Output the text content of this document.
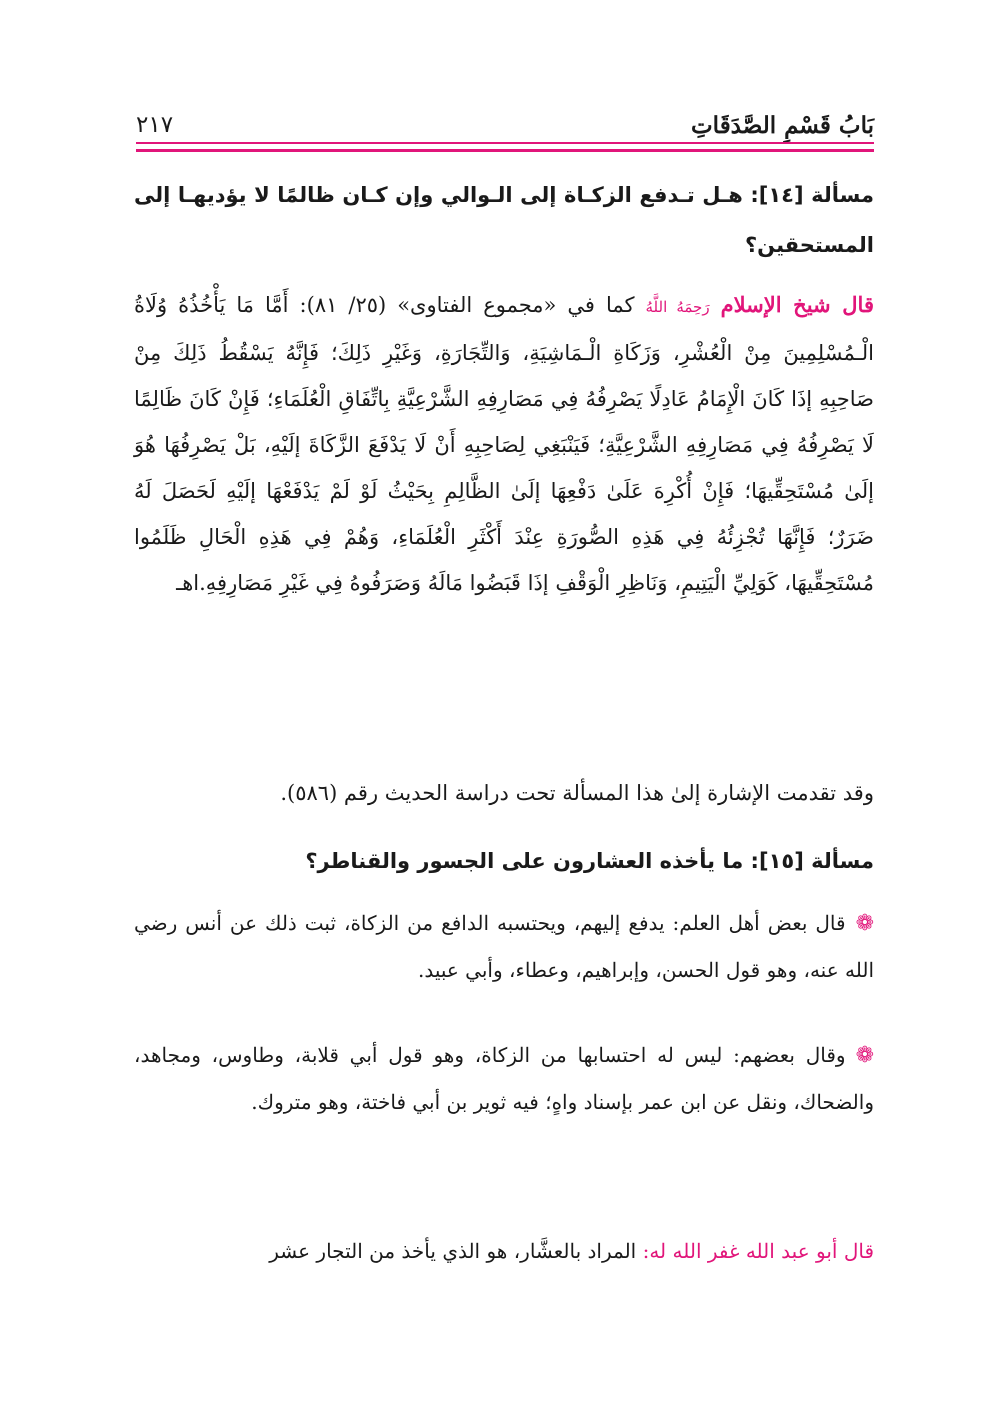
بَابُ قَسْمِ الصَّدَقَاتِ
٢١٧
مسألة [١٤]: هـل تـدفع الزكـاة إلى الـوالي وإن كـان ظالمًا لا يؤديهـا إلى المستحقين؟
قال شيخ الإسلام رَحِمَهُ اللَّهُ كما في «مجموع الفتاوى» (٢٥/ ٨١): أَمَّا مَا يَأْخُذُهُ وُلَاةُ الْـمُسْلِمِينَ مِنْ الْعُشْرِ، وَزَكَاةِ الْـمَاشِيَةِ، وَالتِّجَارَةِ، وَغَيْرِ ذَلِكَ؛ فَإِنَّهُ يَسْقُطُ ذَلِكَ مِنْ صَاحِبِهِ إذَا كَانَ الْإِمَامُ عَادِلًا يَصْرِفُهُ فِي مَصَارِفِهِ الشَّرْعِيَّةِ بِاتِّفَاقِ الْعُلَمَاءِ؛ فَإِنْ كَانَ ظَالِمًا لَا يَصْرِفُهُ فِي مَصَارِفِهِ الشَّرْعِيَّةِ؛ فَيَنْبَغِي لِصَاحِبِهِ أَنْ لَا يَدْفَعَ الزَّكَاةَ إلَيْهِ، بَلْ يَصْرِفُهَا هُوَ إلَىٰ مُسْتَحِقِّيهَا؛ فَإِنْ أُكْرِهَ عَلَىٰ دَفْعِهَا إلَىٰ الظَّالِمِ بِحَيْثُ لَوْ لَمْ يَدْفَعْهَا إلَيْهِ لَحَصَلَ لَهُ ضَرَرٌ؛ فَإِنَّهَا تُجْزِئُهُ فِي هَذِهِ الصُّورَةِ عِنْدَ أَكْثَرِ الْعُلَمَاءِ، وَهُمْ فِي هَذِهِ الْحَالِ ظَلَمُوا مُسْتَحِقِّيهَا، كَوَلِيِّ الْيَتِيمِ، وَنَاظِرِ الْوَقْفِ إذَا قَبَضُوا مَالَهُ وَصَرَفُوهُ فِي غَيْرِ مَصَارِفِهِ.اهـ
وقد تقدمت الإشارة إلىٰ هذا المسألة تحت دراسة الحديث رقم (٥٨٦).
مسألة [١٥]: ما يأخذه العشارون على الجسور والقناطر؟
❁قال بعض أهل العلم: يدفع إليهم، ويحتسبه الدافع من الزكاة، ثبت ذلك عن أنس رضي الله عنه، وهو قول الحسن، وإبراهيم، وعطاء، وأبي عبيد.
❁وقال بعضهم: ليس له احتسابها من الزكاة، وهو قول أبي قلابة، وطاوس، ومجاهد، والضحاك، ونقل عن ابن عمر بإسناد واهٍ؛ فيه ثوير بن أبي فاختة، وهو متروك.
قال أبو عبد الله غفر الله له: المراد بالعشَّار، هو الذي يأخذ من التجار عشر
